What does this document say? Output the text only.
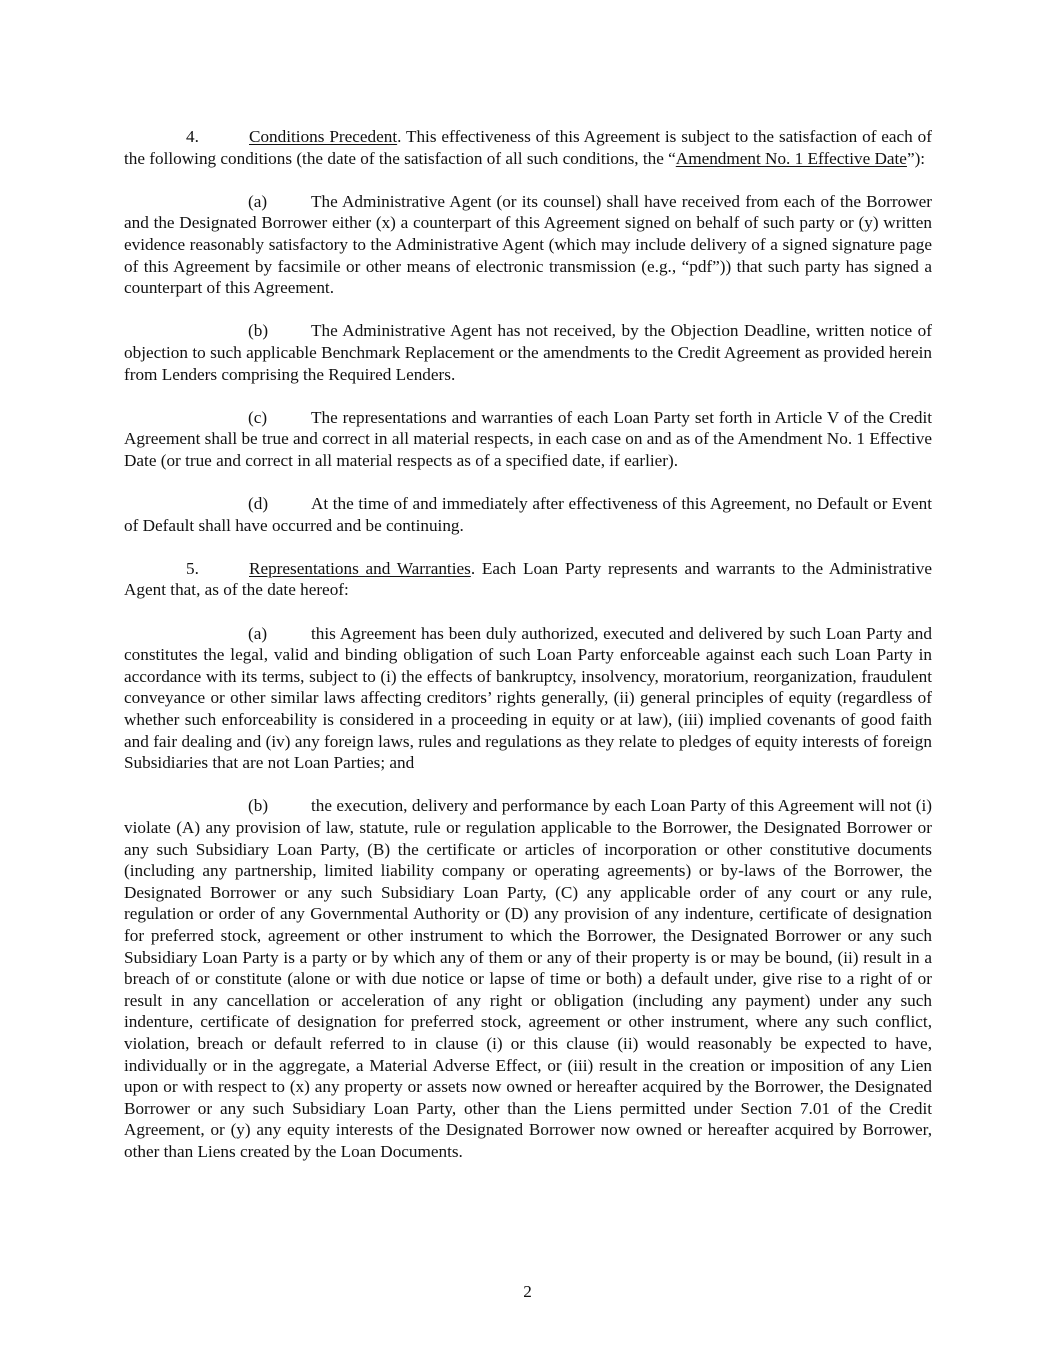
4.	Conditions Precedent. This effectiveness of this Agreement is subject to the satisfaction of each of the following conditions (the date of the satisfaction of all such conditions, the “Amendment No. 1 Effective Date”):

(a)	The Administrative Agent (or its counsel) shall have received from each of the Borrower and the Designated Borrower either (x) a counterpart of this Agreement signed on behalf of such party or (y) written evidence reasonably satisfactory to the Administrative Agent (which may include delivery of a signed signature page of this Agreement by facsimile or other means of electronic transmission (e.g., “pdf”)) that such party has signed a counterpart of this Agreement.

(b) The Administrative Agent has not received, by the Objection Deadline, written notice of objection to such applicable Benchmark Replacement or the amendments to the Credit Agreement as provided herein from Lenders comprising the Required Lenders.

(c)	The representations and warranties of each Loan Party set forth in Article V of the Credit Agreement shall be true and correct in all material respects, in each case on and as of the Amendment No. 1 Effective Date (or true and correct in all material respects as of a specified date, if earlier).

(d) At the time of and immediately after effectiveness of this Agreement, no Default or Event of Default shall have occurred and be continuing.

5.	Representations and Warranties. Each Loan Party represents and warrants to the Administrative Agent that, as of the date hereof:

(a)	this Agreement has been duly authorized, executed and delivered by such Loan Party and constitutes the legal, valid and binding obligation of such Loan Party enforceable against each such Loan Party in accordance with its terms, subject to (i) the effects of bankruptcy, insolvency, moratorium, reorganization, fraudulent conveyance or other similar laws affecting creditors’ rights generally, (ii) general principles of equity (regardless of whether such enforceability is considered in a proceeding in equity or at law), (iii) implied covenants of good faith and fair dealing and (iv) any foreign laws, rules and regulations as they relate to pledges of equity interests of foreign Subsidiaries that are not Loan Parties; and

(b) the execution, delivery and performance by each Loan Party of this Agreement will not (i) violate (A) any provision of law, statute, rule or regulation applicable to the Borrower, the Designated Borrower or any such Subsidiary Loan Party, (B) the certificate or articles of incorporation or other constitutive documents (including any partnership, limited liability company or operating agreements) or by-laws of the Borrower, the Designated Borrower or any such Subsidiary Loan Party, (C) any applicable order of any court or any rule, regulation or order of any Governmental Authority or (D) any provision of any indenture, certificate of designation for preferred stock, agreement or other instrument to which the Borrower, the Designated Borrower or any such Subsidiary Loan Party is a party or by which any of them or any of their property is or may be bound, (ii) result in a breach of or constitute (alone or with due notice or lapse of time or both) a default under, give rise to a right of or result in any cancellation or acceleration of any right or obligation (including any payment) under any such indenture, certificate of designation for preferred stock, agreement or other instrument, where any such conflict, violation, breach or default referred to in clause (i) or this clause (ii) would reasonably be expected to have, individually or in the aggregate, a Material Adverse Effect, or (iii) result in the creation or imposition of any Lien upon or with respect to (x) any property or assets now owned or hereafter acquired by the Borrower, the Designated Borrower or any such Subsidiary Loan Party, other than the Liens permitted under Section 7.01 of the Credit Agreement, or (y) any equity interests of the Designated Borrower now owned or hereafter acquired by Borrower, other than Liens created by the Loan Documents.

2
